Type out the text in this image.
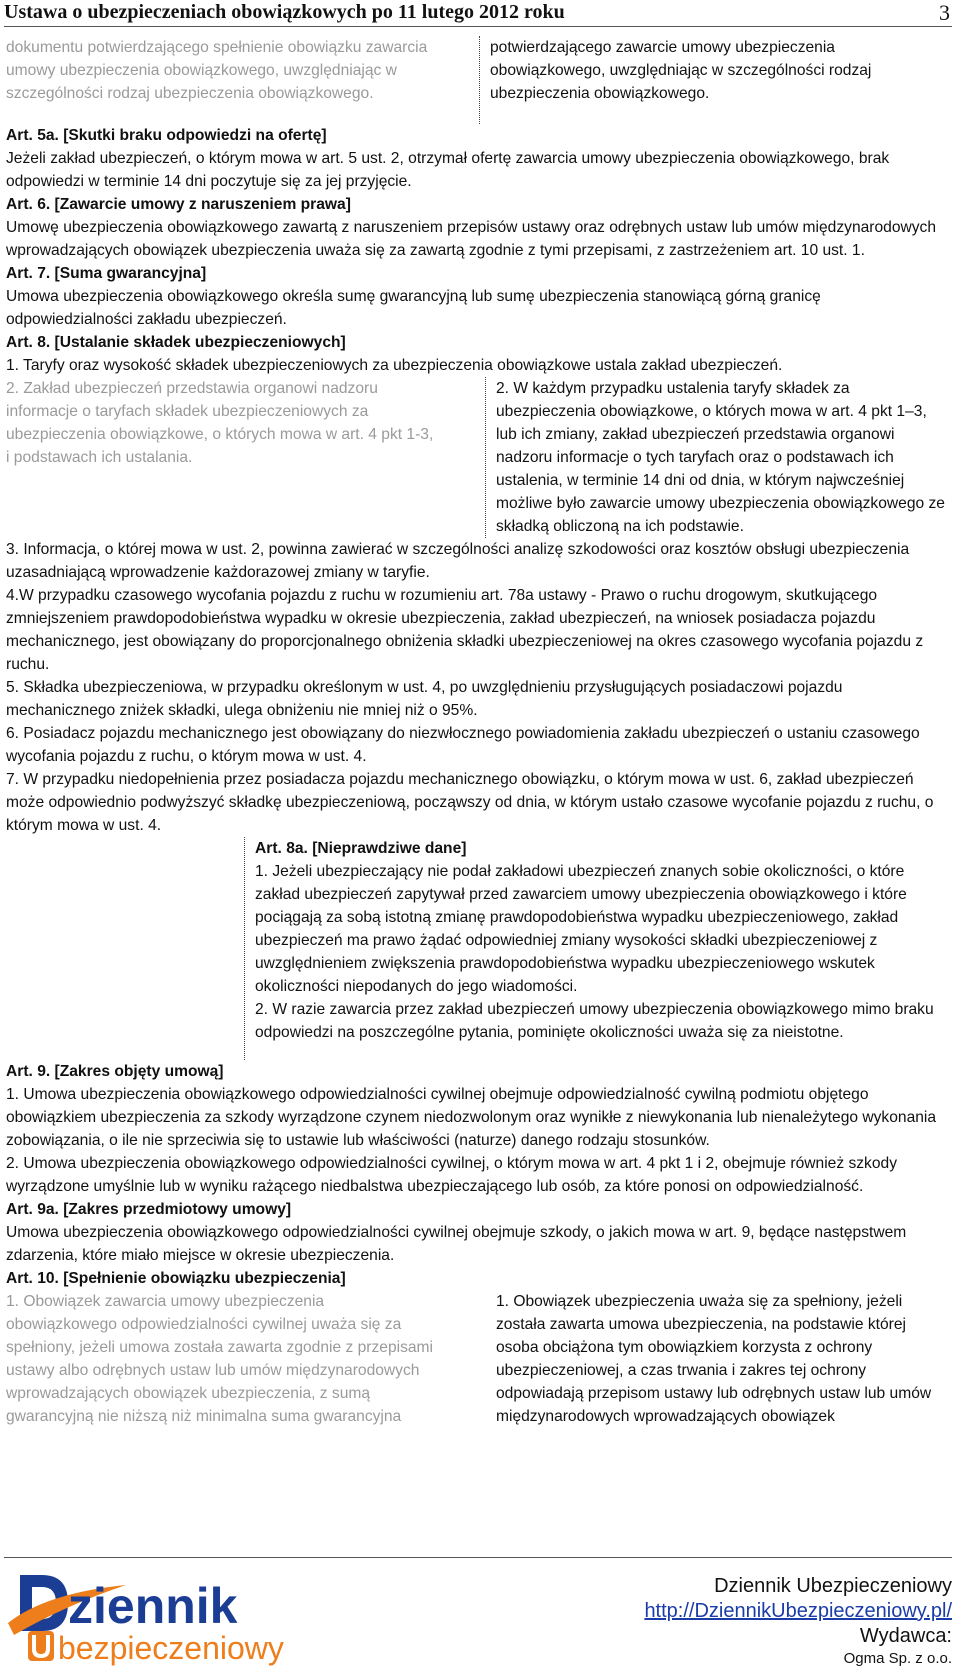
Ustawa o ubezpieczeniach obowiązkowych po 11 lutego 2012 roku	3

dokumentu potwierdzającego spełnienie obowiązku zawarcia umowy ubezpieczenia obowiązkowego, uwzględniając w szczególności rodzaj ubezpieczenia obowiązkowego.

potwierdzającego zawarcie umowy ubezpieczenia obowiązkowego, uwzględniając w szczególności rodzaj ubezpieczenia obowiązkowego.

Art. 5a. [Skutki braku odpowiedzi na ofertę]

Jeżeli zakład ubezpieczeń, o którym mowa w art. 5 ust. 2, otrzymał ofertę zawarcia umowy ubezpieczenia obowiązkowego, brak odpowiedzi w terminie 14 dni poczytuje się za jej przyjęcie.

Art. 6. [Zawarcie umowy z naruszeniem prawa]

Umowę ubezpieczenia obowiązkowego zawartą z naruszeniem przepisów ustawy oraz odrębnych ustaw lub umów międzynarodowych wprowadzających obowiązek ubezpieczenia uważa się za zawartą zgodnie z tymi przepisami, z zastrzeżeniem art. 10 ust. 1.

Art. 7. [Suma gwarancyjna]

Umowa ubezpieczenia obowiązkowego określa sumę gwarancyjną lub sumę ubezpieczenia stanowiącą górną granicę odpowiedzialności zakładu ubezpieczeń.

Art. 8. [Ustalanie składek ubezpieczeniowych]

1. Taryfy oraz wysokość składek ubezpieczeniowych za ubezpieczenia obowiązkowe ustala zakład ubezpieczeń.

2. Zakład ubezpieczeń przedstawia organowi nadzoru informacje o taryfach składek ubezpieczeniowych za ubezpieczenia obowiązkowe, o których mowa w art. 4 pkt 1-3, i podstawach ich ustalania.

2. W każdym przypadku ustalenia taryfy składek za ubezpieczenia obowiązkowe, o których mowa w art. 4 pkt 1–3, lub ich zmiany, zakład ubezpieczeń przedstawia organowi nadzoru informacje o tych taryfach oraz o podstawach ich ustalenia, w terminie 14 dni od dnia, w którym najwcześniej możliwe było zawarcie umowy ubezpieczenia obowiązkowego ze składką obliczoną na ich podstawie.

3. Informacja, o której mowa w ust. 2, powinna zawierać w szczególności analizę szkodowości oraz kosztów obsługi ubezpieczenia uzasadniającą wprowadzenie każdorazowej zmiany w taryfie.

4.W przypadku czasowego wycofania pojazdu z ruchu w rozumieniu art. 78a ustawy - Prawo o ruchu drogowym, skutkującego zmniejszeniem prawdopodobieństwa wypadku w okresie ubezpieczenia, zakład ubezpieczeń, na wniosek posiadacza pojazdu mechanicznego, jest obowiązany do proporcjonalnego obniżenia składki ubezpieczeniowej na okres czasowego wycofania pojazdu z ruchu.

5. Składka ubezpieczeniowa, w przypadku określonym w ust. 4, po uwzględnieniu przysługujących posiadaczowi pojazdu mechanicznego zniżek składki, ulega obniżeniu nie mniej niż o 95%.

6. Posiadacz pojazdu mechanicznego jest obowiązany do niezwłocznego powiadomienia zakładu ubezpieczeń o ustaniu czasowego wycofania pojazdu z ruchu, o którym mowa w ust. 4.

7. W przypadku niedopełnienia przez posiadacza pojazdu mechanicznego obowiązku, o którym mowa w ust. 6, zakład ubezpieczeń może odpowiednio podwyższyć składkę ubezpieczeniową, począwszy od dnia, w którym ustało czasowe wycofanie pojazdu z ruchu, o którym mowa w ust. 4.

Art. 8a. [Nieprawdziwe dane]

1. Jeżeli ubezpieczający nie podał zakładowi ubezpieczeń znanych sobie okoliczności, o które zakład ubezpieczeń zapytywał przed zawarciem umowy ubezpieczenia obowiązkowego i które pociągają za sobą istotną zmianę prawdopodobieństwa wypadku ubezpieczeniowego, zakład ubezpieczeń ma prawo żądać odpowiedniej zmiany wysokości składki ubezpieczeniowej z uwzględnieniem zwiększenia prawdopodobieństwa wypadku ubezpieczeniowego wskutek okoliczności niepodanych do jego wiadomości.

2. W razie zawarcia przez zakład ubezpieczeń umowy ubezpieczenia obowiązkowego mimo braku odpowiedzi na poszczególne pytania, pominięte okoliczności uważa się za nieistotne.

Art. 9. [Zakres objęty umową]

1. Umowa ubezpieczenia obowiązkowego odpowiedzialności cywilnej obejmuje odpowiedzialność cywilną podmiotu objętego obowiązkiem ubezpieczenia za szkody wyrządzone czynem niedozwolonym oraz wynikłe z niewykonania lub nienależytego wykonania zobowiązania, o ile nie sprzeciwia się to ustawie lub właściwości (naturze) danego rodzaju stosunków.

2. Umowa ubezpieczenia obowiązkowego odpowiedzialności cywilnej, o którym mowa w art. 4 pkt 1 i 2, obejmuje również szkody wyrządzone umyślnie lub w wyniku rażącego niedbalstwa ubezpieczającego lub osób, za które ponosi on odpowiedzialność.

Art. 9a. [Zakres przedmiotowy umowy]

Umowa ubezpieczenia obowiązkowego odpowiedzialności cywilnej obejmuje szkody, o jakich mowa w art. 9, będące następstwem zdarzenia, które miało miejsce w okresie ubezpieczenia.

Art. 10. [Spełnienie obowiązku ubezpieczenia]

1. Obowiązek zawarcia umowy ubezpieczenia obowiązkowego odpowiedzialności cywilnej uważa się za spełniony, jeżeli umowa została zawarta zgodnie z przepisami ustawy albo odrębnych ustaw lub umów międzynarodowych wprowadzających obowiązek ubezpieczenia, z sumą gwarancyjną nie niższą niż minimalna suma gwarancyjna

1. Obowiązek ubezpieczenia uważa się za spełniony, jeżeli została zawarta umowa ubezpieczenia, na podstawie której osoba obciążona tym obowiązkiem korzysta z ochrony ubezpieczeniowej, a czas trwania i zakres tej ochrony odpowiadają przepisom ustawy lub odrębnych ustaw lub umów międzynarodowych wprowadzających obowiązek

ziennik
bezpieczeniowy
Dziennik Ubezpieczeniowy
http://DziennikUbezpieczeniowy.pl/
Wydawca:
Ogma Sp. z o.o.
